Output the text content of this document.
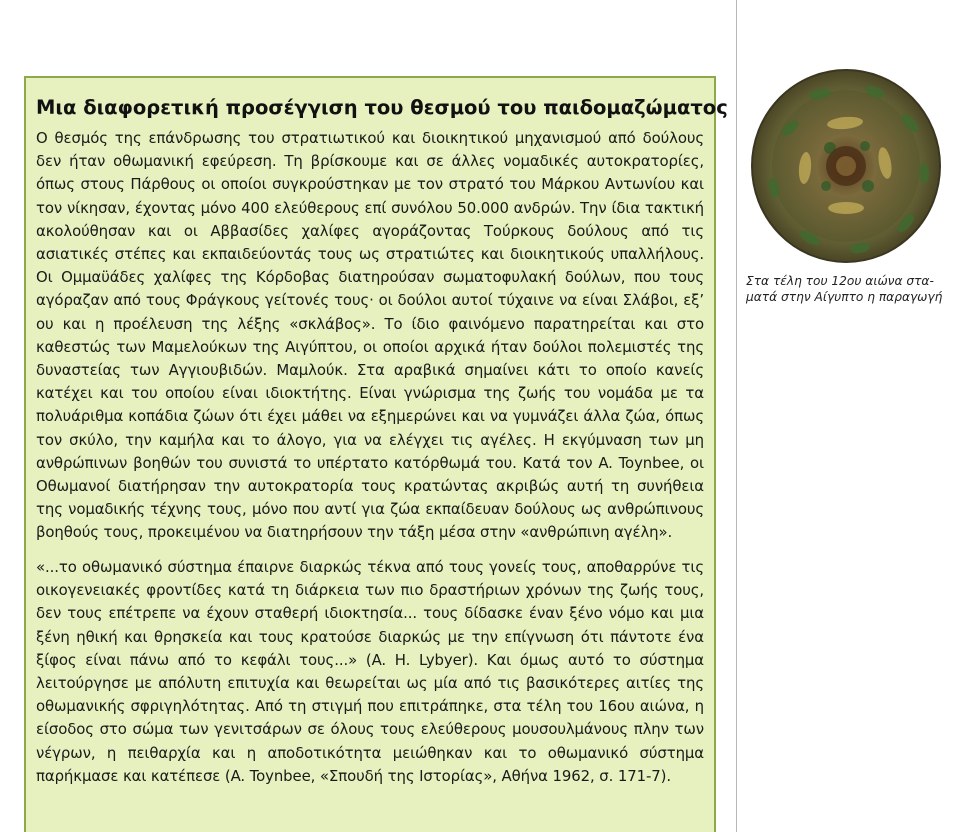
Μια διαφορετική προσέγγιση του θεσμού του παιδομαζώματος

Ο θεσμός της επάνδρωσης του στρατιωτικού και διοικητικού μηχανισμού από δούλους δεν ήταν οθωμανική εφεύρεση. Τη βρίσκουμε και σε άλλες νομαδικές αυτοκρατορίες, όπως στους Πάρθους οι οποίοι συγκρούστηκαν με τον στρατό του Μάρκου Αντωνίου και τον νίκησαν, έχοντας μόνο 400 ελεύθερους επί συνόλου 50.000 ανδρών. Την ίδια τακτική ακολούθησαν και οι Αββασίδες χαλίφες αγοράζοντας Τούρκους δούλους από τις ασιατικές στέπες και εκπαιδεύοντάς τους ως στρατιώτες και διοικητικούς υπαλλήλους. Οι Ομμαϋάδες χαλίφες της Κόρδοβας διατηρούσαν σωματοφυλακή δούλων, που τους αγόραζαν από τους Φράγκους γείτονές τους· οι δούλοι αυτοί τύχαινε να είναι Σλάβοι, εξ’ ου και η προέλευση της λέξης «σκλάβος». Το ίδιο φαινόμενο παρατηρείται και στο καθεστώς των Μαμελούκων της Αιγύπτου, οι οποίοι αρχικά ήταν δούλοι πολεμιστές της δυναστείας των Αγγιουβιδών. Μαμλούκ. Στα αραβικά σημαίνει κάτι το οποίο κανείς κατέχει και του οποίου είναι ιδιοκτήτης. Είναι γνώρισμα της ζωής του νομάδα με τα πολυάριθμα κοπάδια ζώων ότι έχει μάθει να εξημερώνει και να γυμνάζει άλλα ζώα, όπως τον σκύλο, την καμήλα και το άλογο, για να ελέγχει τις αγέλες. Η εκγύμναση των μη ανθρώπινων βοηθών του συνιστά το υπέρτατο κατόρθωμά του. Κατά τον A. Toynbee, οι Οθωμανοί διατήρησαν την αυτοκρατορία τους κρατώντας ακριβώς αυτή τη συνήθεια της νομαδικής τέχνης τους, μόνο που αντί για ζώα εκπαίδευαν δούλους ως ανθρώπινους βοηθούς τους, προκειμένου να διατηρήσουν την τάξη μέσα στην «ανθρώπινη αγέλη».

«...το οθωμανικό σύστημα έπαιρνε διαρκώς τέκνα από τους γονείς τους, αποθαρρύνε τις οικογενειακές φροντίδες κατά τη διάρκεια των πιο δραστήριων χρόνων της ζωής τους, δεν τους επέτρεπε να έχουν σταθερή ιδιοκτησία... τους δίδασκε έναν ξένο νόμο και μια ξένη ηθική και θρησκεία και τους κρατούσε διαρκώς με την επίγνωση ότι πάντοτε ένα ξίφος είναι πάνω από το κεφάλι τους...» (A. H. Lybyer). Και όμως αυτό το σύστημα λειτούργησε με απόλυτη επιτυχία και θεωρείται ως μία από τις βασικότερες αιτίες της οθωμανικής σφριγηλότητας. Από τη στιγμή που επιτράπηκε, στα τέλη του 16ου αιώνα, η είσοδος στο σώμα των γενιτσάρων σε όλους τους ελεύθερους μουσουλμάνους πλην των νέγρων, η πειθαρχία και η αποδοτικότητα μειώθηκαν και το οθωμανικό σύστημα παρήκμασε και κατέπεσε (A. Toynbee, «Σπουδή της Ιστορίας», Αθήνα 1962, σ. 171-7).

Στα τέλη του 12ου αιώνα στα-ματά στην Αίγυπτο η παραγωγή
